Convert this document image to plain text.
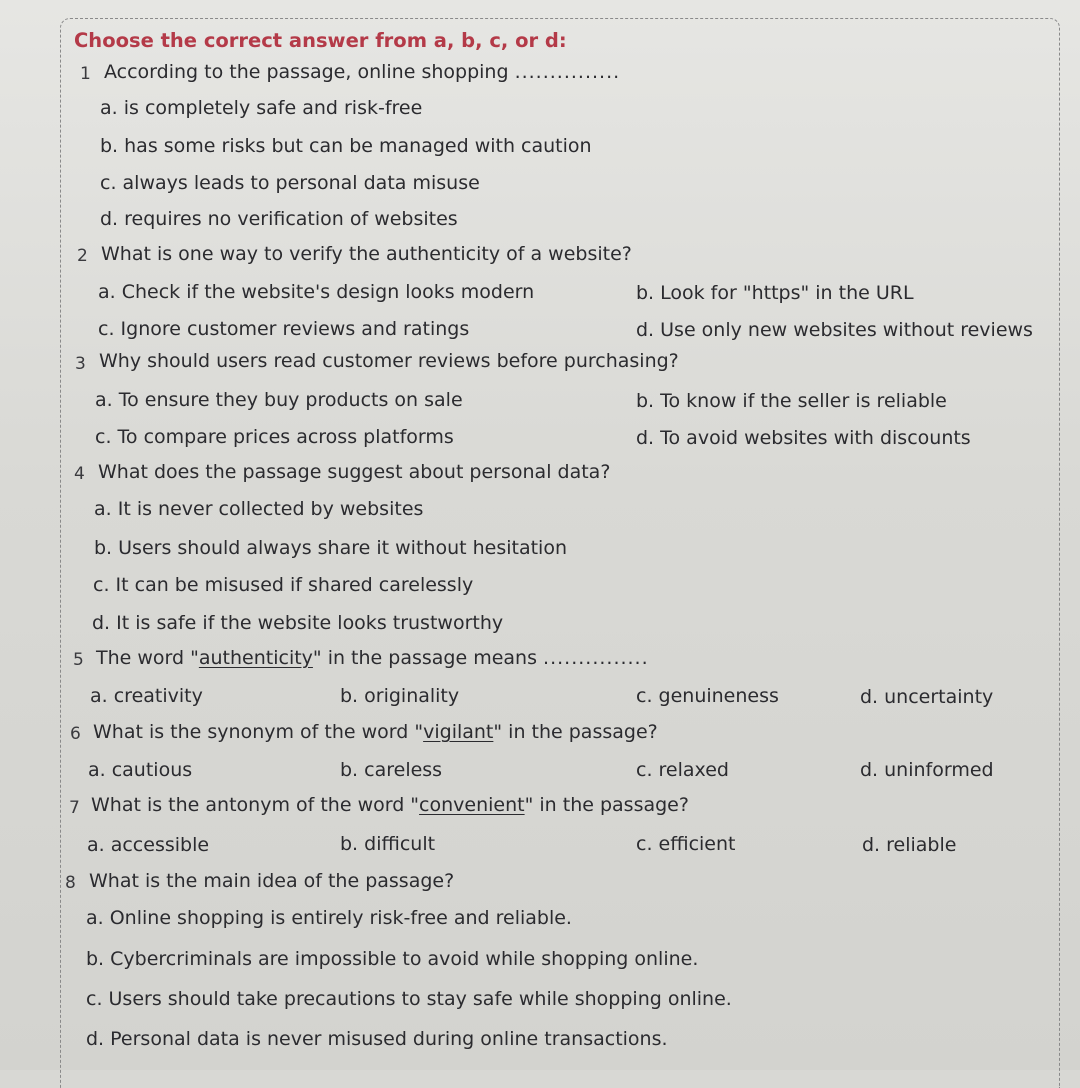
Choose the correct answer from a, b, c, or d:
1 According to the passage, online shopping ...............
a. is completely safe and risk-free
b. has some risks but can be managed with caution
c. always leads to personal data misuse
d. requires no verification of websites
2 What is one way to verify the authenticity of a website?
a. Check if the website's design looks modern	b. Look for "https" in the URL
c. Ignore customer reviews and ratings	d. Use only new websites without reviews
3 Why should users read customer reviews before purchasing?
a. To ensure they buy products on sale	b. To know if the seller is reliable
c. To compare prices across platforms	d. To avoid websites with discounts
4 What does the passage suggest about personal data?
a. It is never collected by websites
b. Users should always share it without hesitation
c. It can be misused if shared carelessly
d. It is safe if the website looks trustworthy
5 The word "authenticity" in the passage means ...............
a. creativity	b. originality	c. genuineness	d. uncertainty
6 What is the synonym of the word "vigilant" in the passage?
a. cautious	b. careless	c. relaxed	d. uninformed
7 What is the antonym of the word "convenient" in the passage?
a. accessible	b. difficult	c. efficient	d. reliable
8 What is the main idea of the passage?
a. Online shopping is entirely risk-free and reliable.
b. Cybercriminals are impossible to avoid while shopping online.
c. Users should take precautions to stay safe while shopping online.
d. Personal data is never misused during online transactions.
